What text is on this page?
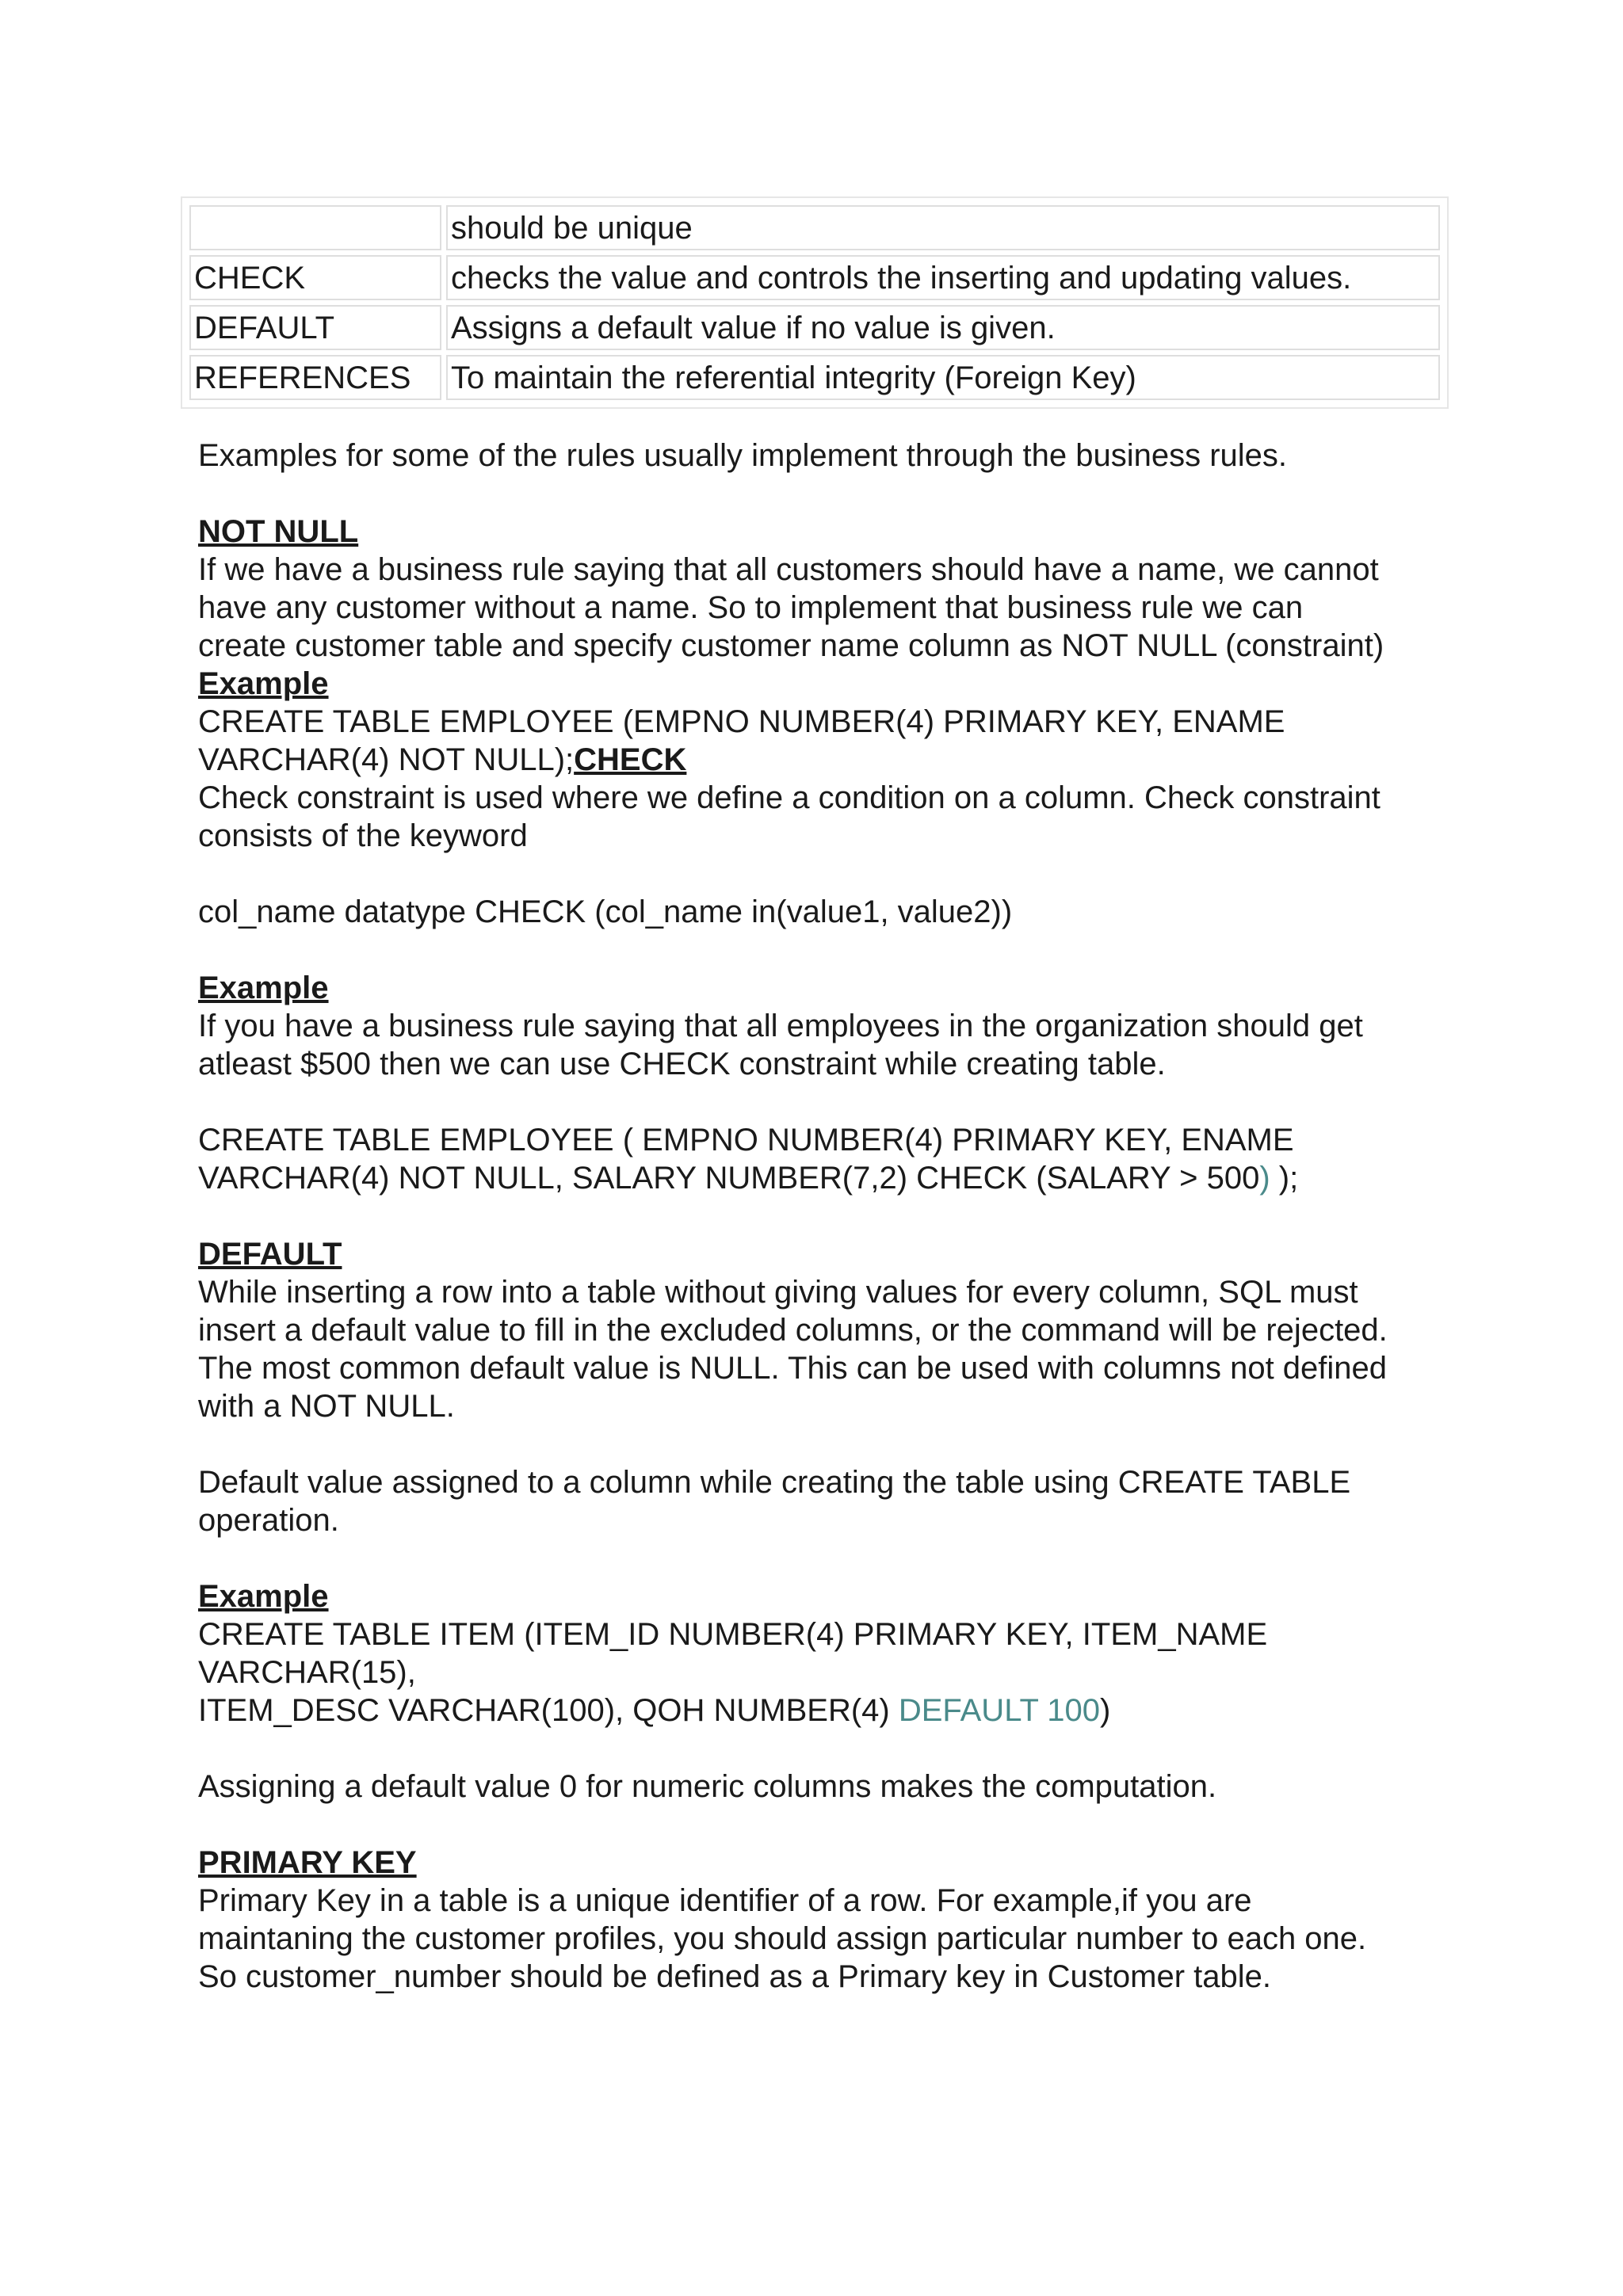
	should be unique
CHECK	checks the value and controls the inserting and updating values.
DEFAULT	Assigns a default value if no value is given.
REFERENCES	To maintain the referential integrity (Foreign Key)

Examples for some of the rules usually implement through the business rules.

NOT NULL

If we have a business rule saying that all customers should have a name, we cannot

have any customer without a name. So to implement that business rule we can

create customer table and specify customer name column as NOT NULL (constraint)

Example

CREATE TABLE EMPLOYEE (EMPNO NUMBER(4) PRIMARY KEY, ENAME

VARCHAR(4) NOT NULL);CHECK

Check constraint is used where we define a condition on a column. Check constraint

consists of the keyword

col_name datatype CHECK (col_name in(value1, value2))

Example

If you have a business rule saying that all employees in the organization should get

atleast $500 then we can use CHECK constraint while creating table.

CREATE TABLE EMPLOYEE ( EMPNO NUMBER(4) PRIMARY KEY, ENAME

VARCHAR(4) NOT NULL, SALARY NUMBER(7,2) CHECK (SALARY > 500) );

DEFAULT

While inserting a row into a table without giving values for every column, SQL must

insert a default value to fill in the excluded columns, or the command will be rejected.

The most common default value is NULL. This can be used with columns not defined

with a NOT NULL.

Default value assigned to a column while creating the table using CREATE TABLE

operation.

Example

CREATE TABLE ITEM (ITEM_ID NUMBER(4) PRIMARY KEY, ITEM_NAME

VARCHAR(15),

ITEM_DESC VARCHAR(100), QOH NUMBER(4) DEFAULT 100)

Assigning a default value 0 for numeric columns makes the computation.

PRIMARY KEY

Primary Key in a table is a unique identifier of a row. For example,if you are

maintaning the customer profiles, you should assign particular number to each one.

So customer_number should be defined as a Primary key in Customer table.
